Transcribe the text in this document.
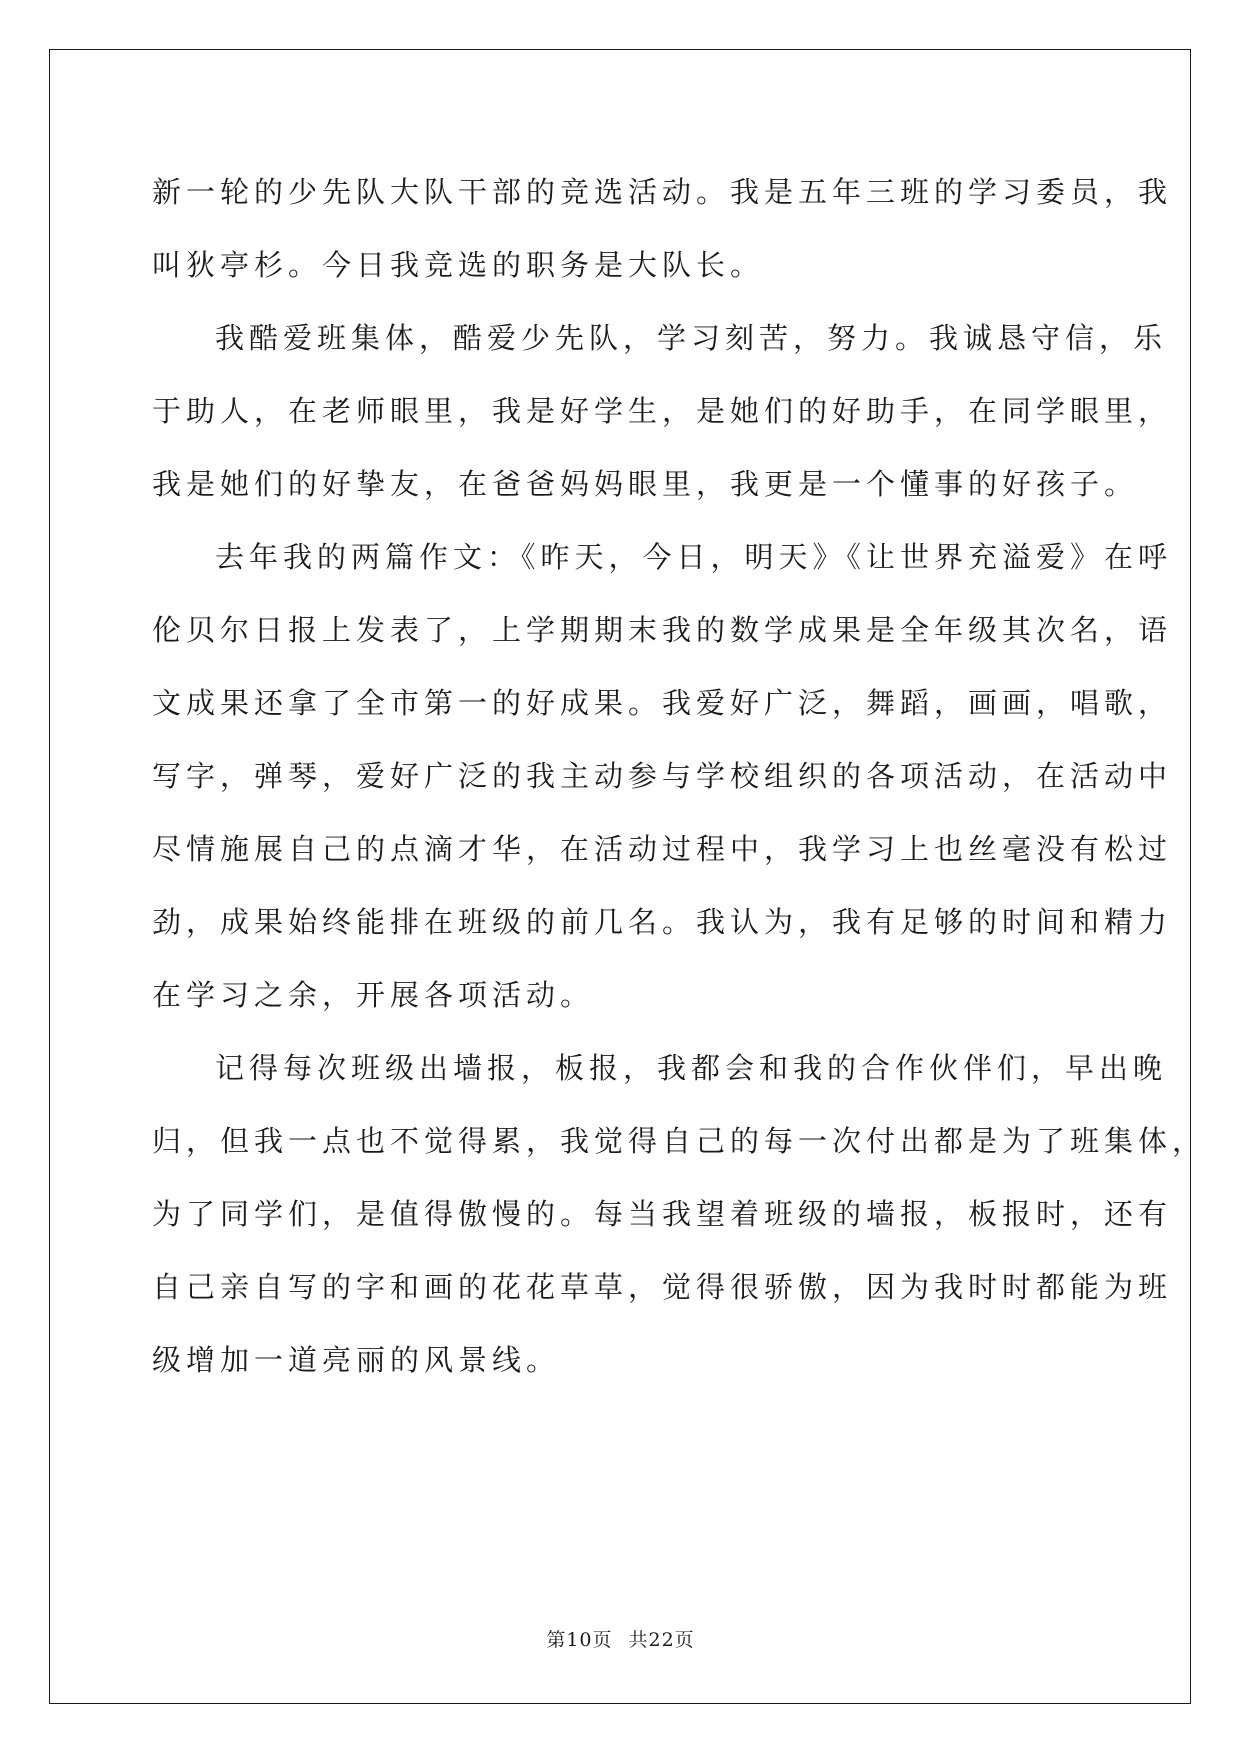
新一轮的少先队大队干部的竞选活动。我是五年三班的学习委员，我

叫狄亭杉。今日我竞选的职务是大队长。

我酷爱班集体，酷爱少先队，学习刻苦，努力。我诚恳守信，乐

于助人，在老师眼里，我是好学生，是她们的好助手，在同学眼里，

我是她们的好挚友，在爸爸妈妈眼里，我更是一个懂事的好孩子。

去年我的两篇作文：《昨天，今日，明天》《让世界充溢爱》在呼

伦贝尔日报上发表了，上学期期末我的数学成果是全年级其次名，语

文成果还拿了全市第一的好成果。我爱好广泛，舞蹈，画画，唱歌，

写字，弹琴，爱好广泛的我主动参与学校组织的各项活动，在活动中

尽情施展自己的点滴才华，在活动过程中，我学习上也丝毫没有松过

劲，成果始终能排在班级的前几名。我认为，我有足够的时间和精力

在学习之余，开展各项活动。

记得每次班级出墙报，板报，我都会和我的合作伙伴们，早出晚

归，但我一点也不觉得累，我觉得自己的每一次付出都是为了班集体，

为了同学们，是值得傲慢的。每当我望着班级的墙报，板报时，还有

自己亲自写的字和画的花花草草，觉得很骄傲，因为我时时都能为班

级增加一道亮丽的风景线。

第10页 共22页
